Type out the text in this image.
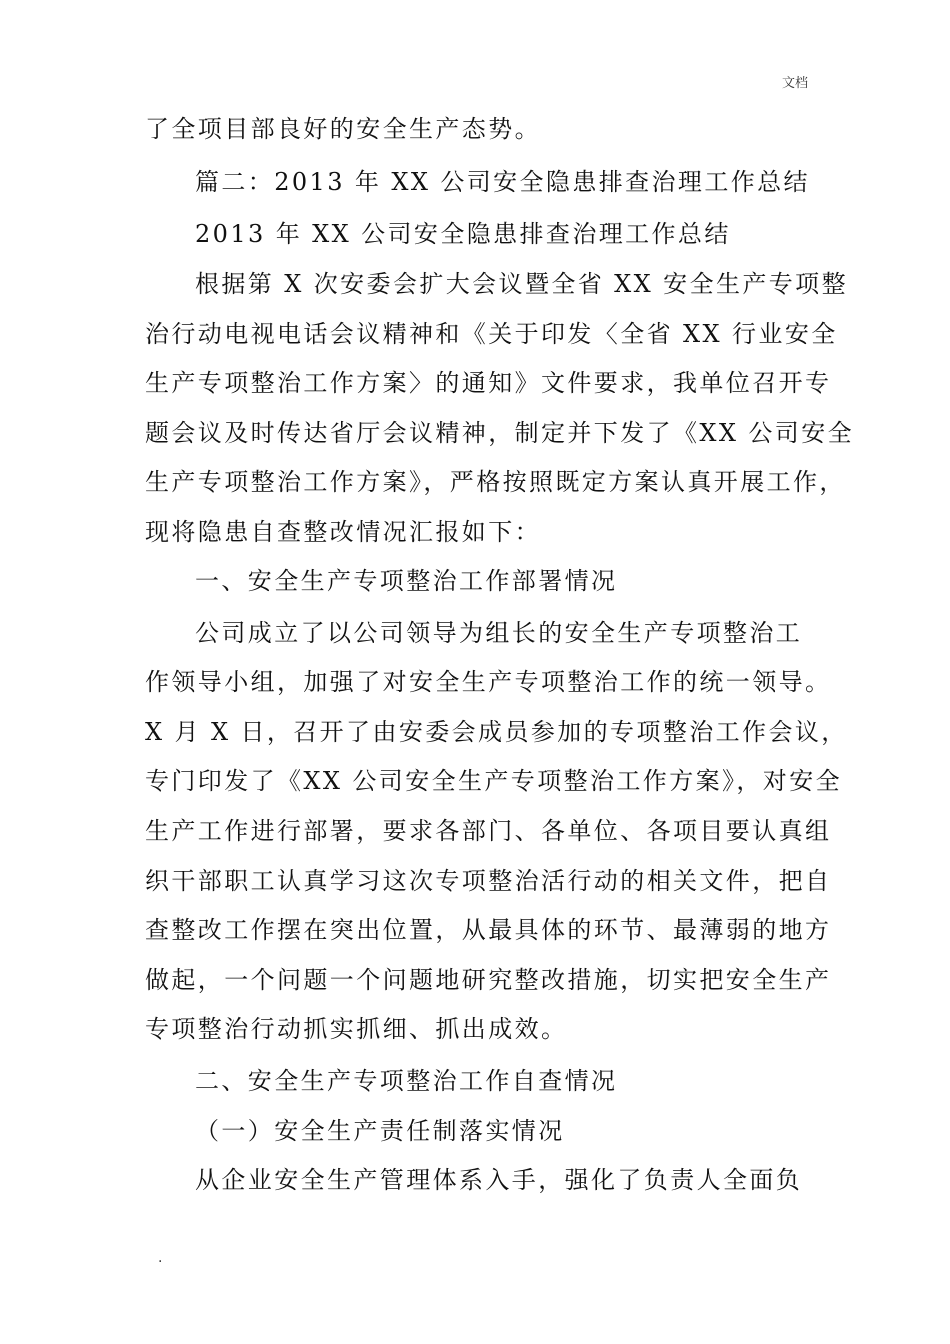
文档
了全项目部良好的安全生产态势。
篇二：2013 年 XX 公司安全隐患排查治理工作总结
2013 年 XX 公司安全隐患排查治理工作总结
根据第 X 次安委会扩大会议暨全省 XX 安全生产专项整
治行动电视电话会议精神和《关于印发〈全省 XX 行业安全
生产专项整治工作方案〉的通知》文件要求，我单位召开专
题会议及时传达省厅会议精神，制定并下发了《XX 公司安全
生产专项整治工作方案》，严格按照既定方案认真开展工作，
现将隐患自查整改情况汇报如下：
一、安全生产专项整治工作部署情况
公司成立了以公司领导为组长的安全生产专项整治工
作领导小组，加强了对安全生产专项整治工作的统一领导。
X 月 X 日，召开了由安委会成员参加的专项整治工作会议，
专门印发了《XX 公司安全生产专项整治工作方案》，对安全
生产工作进行部署，要求各部门、各单位、各项目要认真组
织干部职工认真学习这次专项整治活行动的相关文件，把自
查整改工作摆在突出位置，从最具体的环节、最薄弱的地方
做起，一个问题一个问题地研究整改措施，切实把安全生产
专项整治行动抓实抓细、抓出成效。
二、安全生产专项整治工作自查情况
（一）安全生产责任制落实情况
从企业安全生产管理体系入手，强化了负责人全面负
.
